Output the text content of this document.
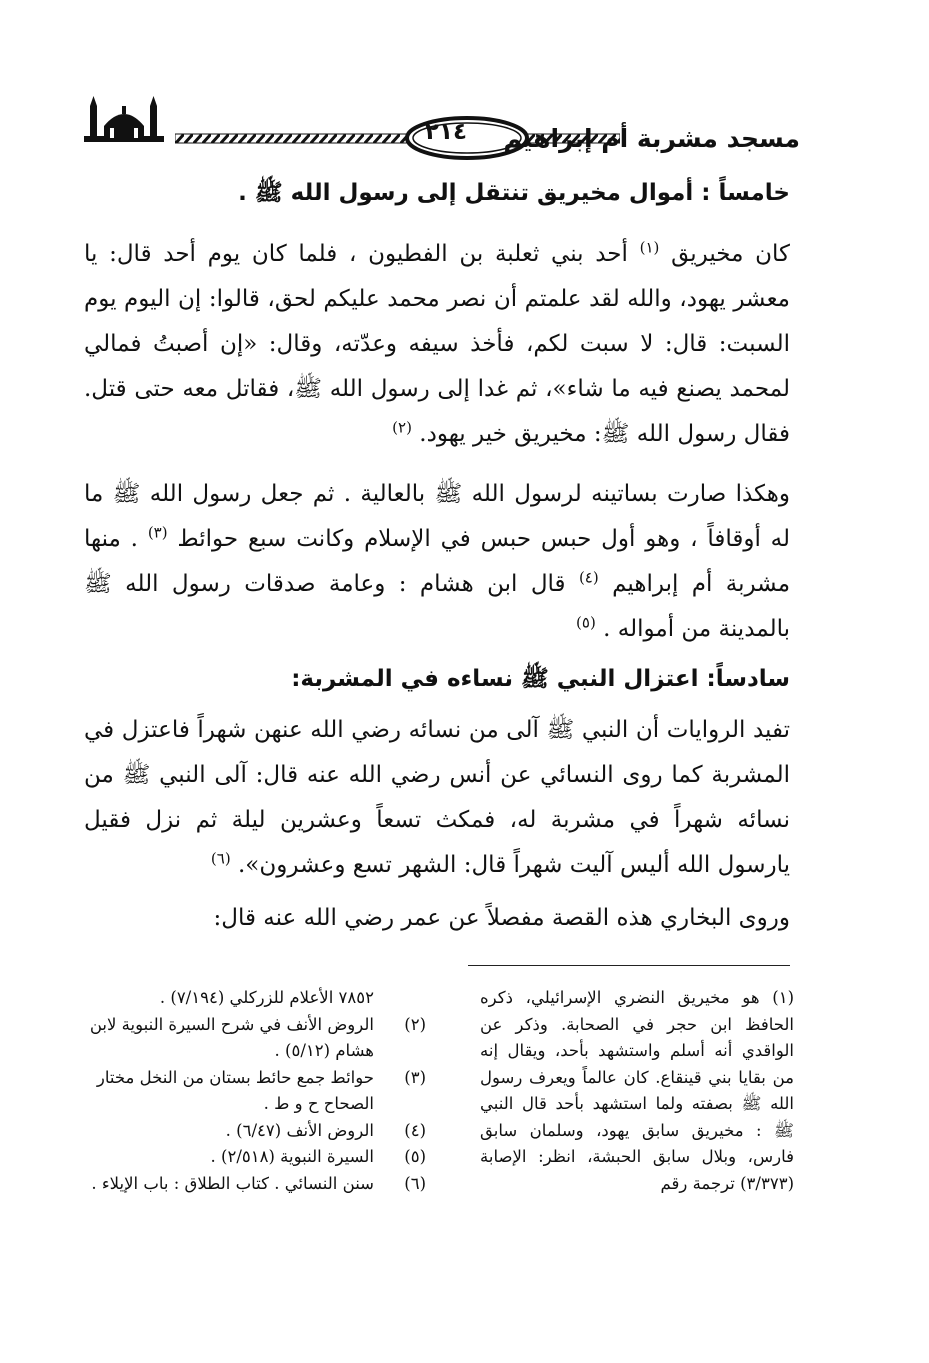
٢١٤	مسجد مشربة أم إبراهيم
خامساً : أموال مخيريق تنتقل إلى رسول الله ﷺ .
كان مخيريق $^{(١)}$ أحد بني ثعلبة بن الفطيون ، فلما كان يوم أحد قال: يا معشر يهود، والله لقد علمتم أن نصر محمد عليكم لحق، قالوا: إن اليوم يوم السبت: قال: لا سبت لكم، فأخذ سيفه وعدّته، وقال: «إن أصبتُ فمالي لمحمد يصنع فيه ما شاء»، ثم غدا إلى رسول الله ﷺ، فقاتل معه حتى قتل. فقال رسول الله ﷺ: مخيريق خير يهود. $^{(٢)}$
وهكذا صارت بساتينه لرسول الله ﷺ بالعالية . ثم جعل رسول الله ﷺ ما له أوقافاً ، وهو أول حبس حبس في الإسلام وكانت سبع حوائط $^{(٣)}$ . منها مشربة أم إبراهيم $^{(٤)}$ قال ابن هشام : وعامة صدقات رسول الله ﷺ بالمدينة من أمواله . $^{(٥)}$
سادساً: اعتزال النبي ﷺ نساءه في المشربة:
تفيد الروايات أن النبي ﷺ آلى من نسائه رضي الله عنهن شهراً فاعتزل في المشربة كما روى النسائي عن أنس رضي الله عنه قال: آلى النبي ﷺ من نسائه شهراً في مشربة له، فمكث تسعاً وعشرين ليلة ثم نزل فقيل يارسول الله أليس آليت شهراً قال: الشهر تسع وعشرون». $^{(٦)}$
وروى البخاري هذه القصة مفصلاً عن عمر رضي الله عنه قال:

(١) هو مخيريق النضري الإسرائيلي، ذكره الحافظ ابن حجر في الصحابة. وذكر عن الواقدي أنه أسلم واستشهد بأحد، ويقال إنه من بقايا بني قينقاع. كان عالماً ويعرف رسول الله ﷺ بصفته ولما استشهد بأحد قال النبي ﷺ : مخيريق سابق يهود، وسلمان سابق فارس، وبلال سابق الحبشة، انظر: الإصابة (٣/٣٧٣) ترجمة رقم

٧٨٥٢ الأعلام للزركلي (٧/١٩٤) .

(٢)الروض الأنف في شرح السيرة النبوية لابن هشام (٥/١٢) .

(٣)حوائط جمع حائط بستان من النخل مختار الصحاح ح و ط .

(٤)الروض الأنف (٦/٤٧) .

(٥)السيرة النبوية (٢/٥١٨) .

(٦)سنن النسائي . كتاب الطلاق : باب الإيلاء .
